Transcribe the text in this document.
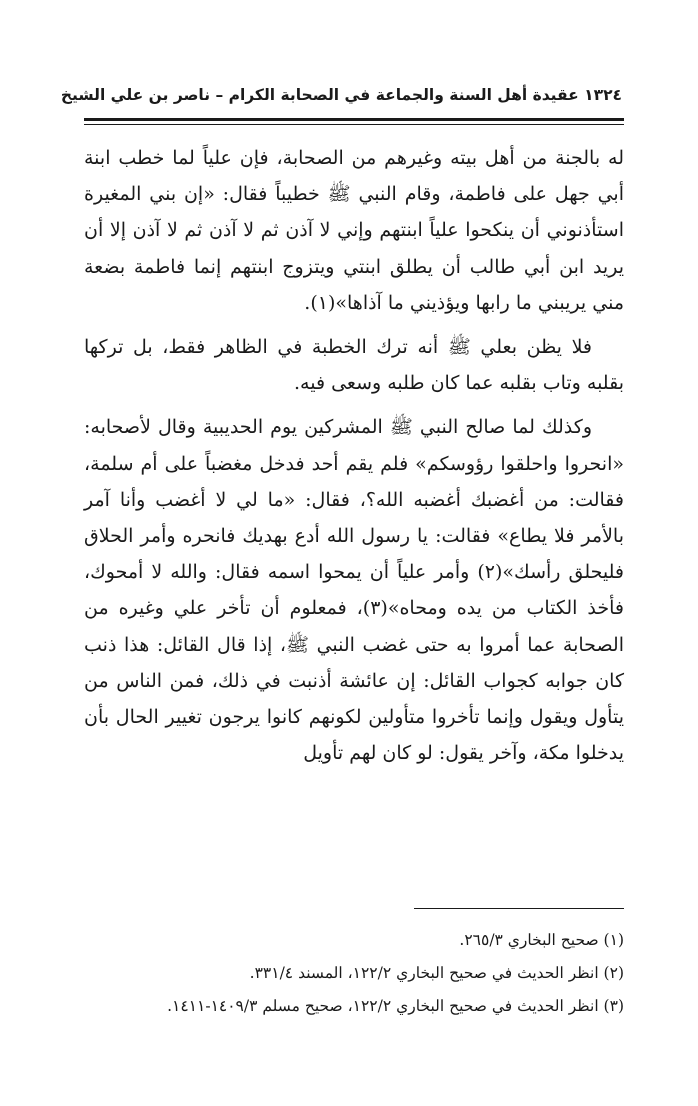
١٣٢٤ عقيدة أهل السنة والجماعة في الصحابة الكرام – ناصر بن علي الشيخ

له بالجنة من أهل بيته وغيرهم من الصحابة، فإن علياً لما خطب ابنة أبي جهل على فاطمة، وقام النبي ﷺ خطيباً فقال: «إن بني المغيرة استأذنوني أن ينكحوا علياً ابنتهم وإني لا آذن ثم لا آذن ثم لا آذن إلا أن يريد ابن أبي طالب أن يطلق ابنتي ويتزوج ابنتهم إنما فاطمة بضعة مني يريبني ما رابها ويؤذيني ما آذاها»(١).

فلا يظن بعلي ﷺ أنه ترك الخطبة في الظاهر فقط، بل تركها بقلبه وتاب بقلبه عما كان طلبه وسعى فيه.

وكذلك لما صالح النبي ﷺ المشركين يوم الحديبية وقال لأصحابه: «انحروا واحلقوا رؤوسكم» فلم يقم أحد فدخل مغضباً على أم سلمة، فقالت: من أغضبك أغضبه الله؟، فقال: «ما لي لا أغضب وأنا آمر بالأمر فلا يطاع» فقالت: يا رسول الله أدع بهديك فانحره وأمر الحلاق فليحلق رأسك»(٢) وأمر علياً أن يمحوا اسمه فقال: والله لا أمحوك، فأخذ الكتاب من يده ومحاه»(٣)، فمعلوم أن تأخر علي وغيره من الصحابة عما أمروا به حتى غضب النبي ﷺ، إذا قال القائل: هذا ذنب كان جوابه كجواب القائل: إن عائشة أذنبت في ذلك، فمن الناس من يتأول ويقول وإنما تأخروا متأولين لكونهم كانوا يرجون تغيير الحال بأن يدخلوا مكة، وآخر يقول: لو كان لهم تأويل

(١) صحيح البخاري ٢٦٥/٣.
(٢) انظر الحديث في صحيح البخاري ١٢٢/٢، المسند ٣٣١/٤.
(٣) انظر الحديث في صحيح البخاري ١٢٢/٢، صحيح مسلم ١٤٠٩/٣-١٤١١.
